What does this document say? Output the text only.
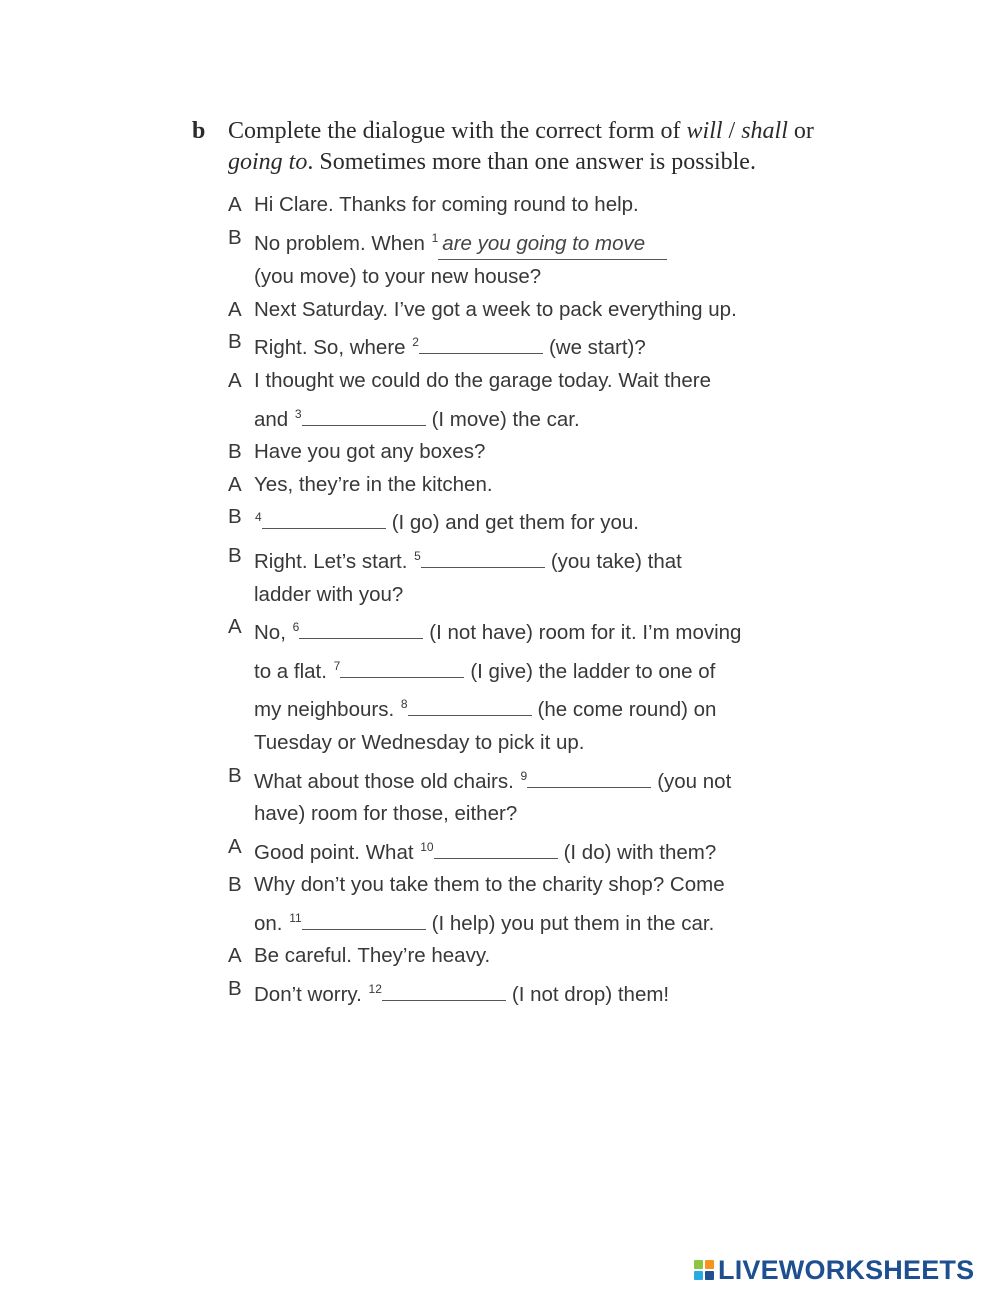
b Complete the dialogue with the correct form of will / shall or going to. Sometimes more than one answer is possible.
A Hi Clare. Thanks for coming round to help.
B No problem. When $^1$ are you going to move
(you move) to your new house?
A Next Saturday. I’ve got a week to pack everything up.
B Right. So, where $^2$	(we start)?
A I thought we could do the garage today. Wait there
and $^3$	(I move) the car.
B Have you got any boxes?
A Yes, they’re in the kitchen.
B $^4$	(I go) and get them for you.
B Right. Let’s start. $^5$	(you take) that
ladder with you?
A No, $^6$	(I not have) room for it. I’m moving
to a flat. $^7$	(I give) the ladder to one of
my neighbours. $^8$	(he come round) on
Tuesday or Wednesday to pick it up.
B What about those old chairs. $^9$	(you not
have) room for those, either?
A Good point. What $^{10}$	(I do) with them?
B Why don’t you take them to the charity shop? Come
on. $^{11}$	(I help) you put them in the car.
A Be careful. They’re heavy.
B Don’t worry. $^{12}$	(I not drop) them!
LIVEWORKSHEETS
